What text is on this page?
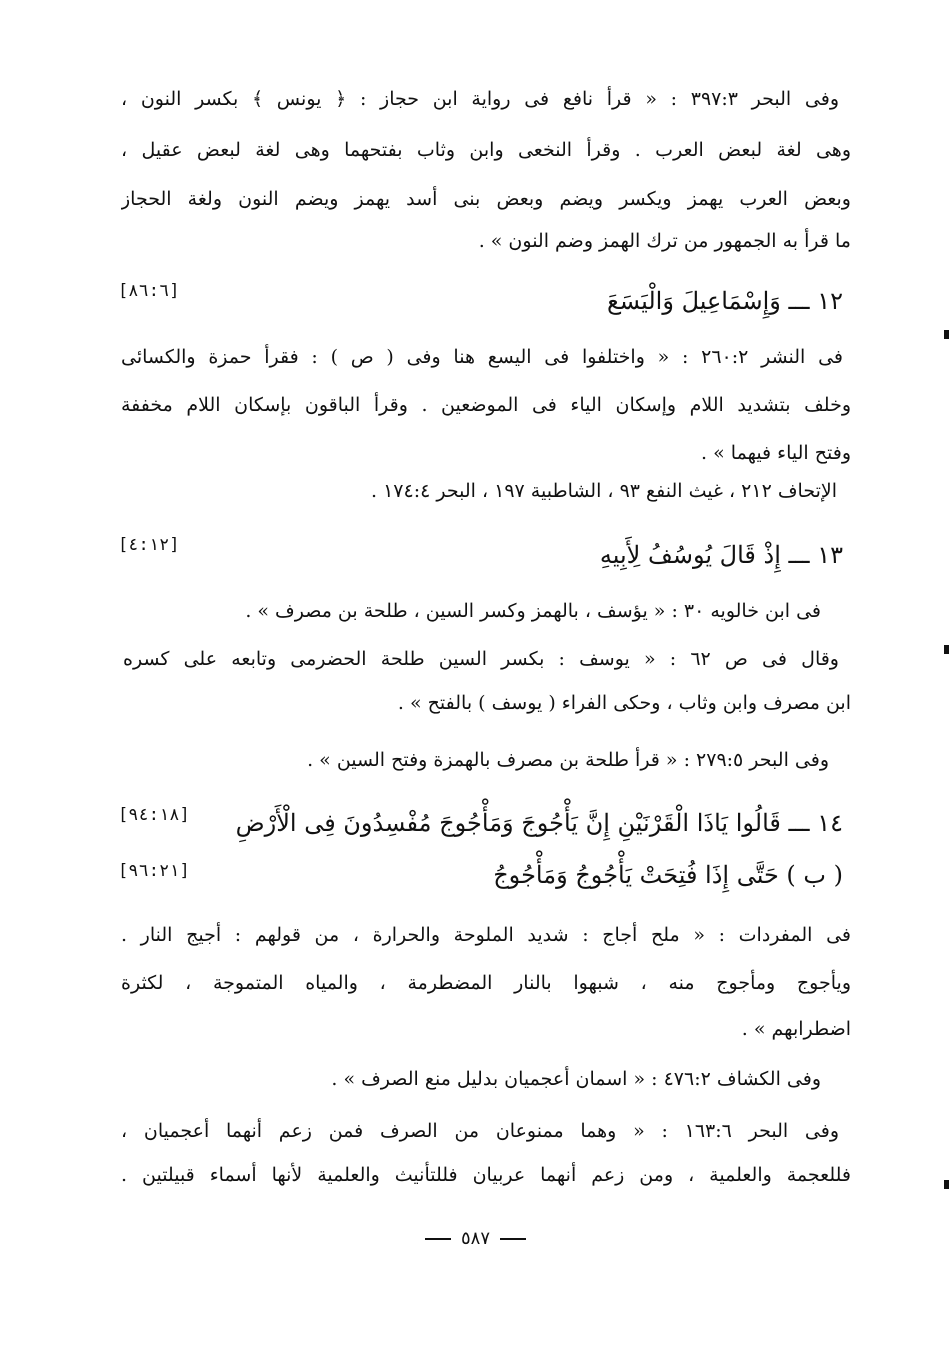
وفى البحر ٣٩٧:٣ : « قرأ نافع فى رواية ابن حجاز : ﴿ يونس ﴾ بكسر النون ،
وهى لغة لبعض العرب . وقرأ النخعى وابن وثاب بفتحهما وهى لغة لبعض عقيل ،
وبعض العرب يهمز ويكسر ويضم وبعض بنى أسد يهمز ويضم النون ولغة الحجاز
ما قرأ به الجمهور من ترك الهمز وضم النون » .
١٢ ـــ وَإِسْمَاعِيلَ وَالْيَسَعَ
[٨٦:٦]
فى النشر ٢٦٠:٢ : « واختلفوا فى اليسع هنا وفى ( ص ) : فقرأ حمزة والكسائى
وخلف بتشديد اللام وإسكان الياء فى الموضعين . وقرأ الباقون بإسكان اللام مخففة
وفتح الياء فيهما » .
الإتحاف ٢١٢ ، غيث النفع ٩٣ ، الشاطبية ١٩٧ ، البحر ١٧٤:٤ .
١٣ ـــ إِذْ قَالَ يُوسُفُ لِأَبِيهِ
[٤:١٢]
فى ابن خالويه ٣٠ : « يؤسف ، بالهمز وكسر السين ، طلحة بن مصرف » .
وقال فى ص ٦٢ : « يوسف : بكسر السين طلحة الحضرمى وتابعه على كسره
ابن مصرف وابن وثاب ، وحكى الفراء ( يوسف ) بالفتح » .
وفى البحر ٢٧٩:٥ : « قرأ طلحة بن مصرف بالهمزة وفتح السين » .
١٤ ـــ قَالُوا يَاذَا الْقَرْنَيْنِ إِنَّ يَأْجُوجَ وَمَأْجُوجَ مُفْسِدُونَ فِى الْأَرْضِ
[٩٤:١٨]
( ب ) حَتَّى إِذَا فُتِحَتْ يَأْجُوجُ وَمَأْجُوجُ
[٩٦:٢١]
فى المفردات : « ملح أجاج : شديد الملوحة والحرارة ، من قولهم : أجيج النار .
ويأجوج ومأجوج منه ، شبهوا بالنار المضطرمة ، والمياه المتموجة ، لكثرة
اضطرابهم » .
وفى الكشاف ٤٧٦:٢ : « اسمان أعجميان بدليل منع الصرف » .
وفى البحر ١٦٣:٦ : « وهما ممنوعان من الصرف فمن زعم أنهما أعجميان ،
فللعجمة والعلمية ، ومن زعم أنهما عربيان فللتأنيث والعلمية لأنها أسماء قبيلتين .
٥٨٧
